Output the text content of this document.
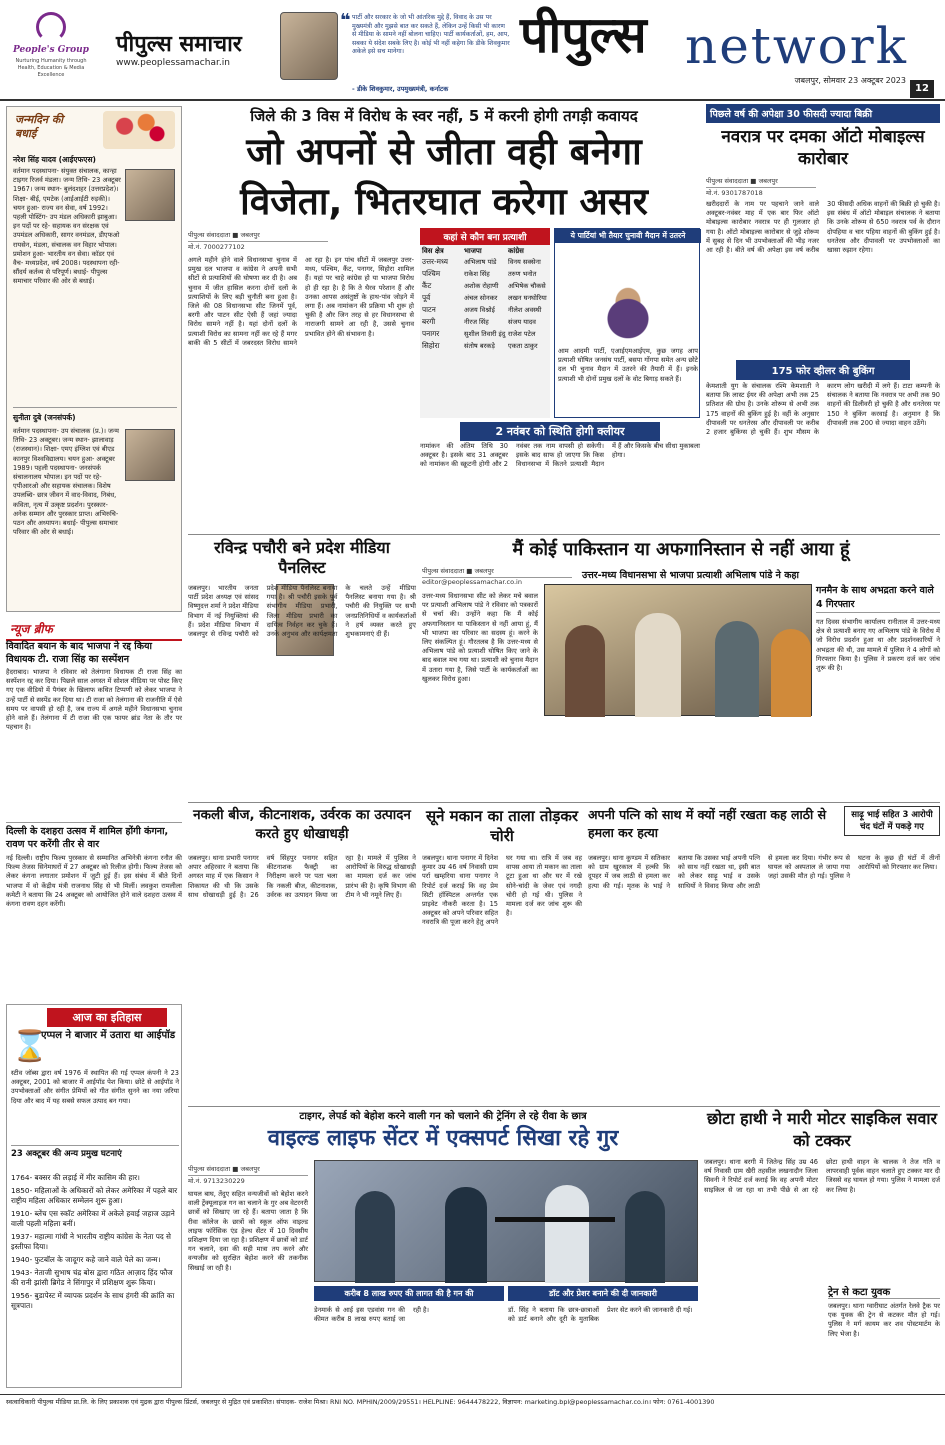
People's Group
Nurturing Humanity through Health, Education & Media Excellence
पीपुल्स समाचार
www.peoplessamachar.in
❝ पार्टी और सरकार के जो भी आंतरिक मुद्दे हैं, विवाद के उस पर मुख्यमंत्री और मुझसे बात कर सकते हैं, लेकिन उन्हें किसी भी कारण से मीडिया के सामने नहीं बोलना चाहिए। पार्टी कार्यकर्ताओं, हम, आप, सबका ये संदेश सबके लिए है। कोई भी नहीं कहेगा कि डीके शिवकुमार अकेले इसे सच मानेगा।
- डीके शिवकुमार, उपमुख्यमंत्री, कर्नाटक
पीपुल्स network
जबलपुर, सोमवार 23 अक्टूबर 2023
12
जन्मदिन की बधाई
नरेश सिंह यादव (आईएफएस)
वर्तमान पदस्थापना- संयुक्त संचालक, कान्हा टाइगर रिजर्व मंडला। जन्म तिथि- 23 अक्टूबर 1967। जन्म स्थान- बुलंदशहर (उत्तरप्रदेश)। शिक्षा- बीई, एमटेक (आईआईटी रुड़की)। चयन हुआ- राज्य वन सेवा, वर्ष 1992। पहली पोस्टिंग- उप मंडल अधिकारी झाबुआ। इन पदों पर रहे- सहायक वन संरक्षक एवं उपमंडल अधिकारी, सागर वनमंडल, डीएफओ रायसेन, मंडला, संचालक वन विहार भोपाल। प्रमोशन हुआ- भारतीय वन सेवा। कॉडर एवं वैच- मध्यप्रदेश, वर्ष 2008। पदस्थापना रही- सौंदर्य कर्तव्य से परिपूर्ण। बधाई- पीपुल्स समाचार परिवार की ओर से बधाई।
सुनीता दुबे (जनसंपर्क)
वर्तमान पदस्थापना- उप संचालक (प्र.)। जन्म तिथि- 23 अक्टूबर। जन्म स्थान- झालावाड़ (राजस्थान)। शिक्षा- एमए इंग्लिश एवं बीएड कानपुर विश्वविद्यालय। चयन हुआ- अक्टूबर 1989। पहली पदस्थापना- जनसंपर्क संचालनालय भोपाल। इन पदों पर रहे- एपीआरओ और सहायक संचालक। विशेष उपलब्धि- छात्र जीवन में वाद-विवाद, निबंध, कविता, नृत्य में उत्कृष्ट प्रदर्शन। पुरस्कार- अनेक सम्मान और पुरस्कार प्राप्त। अभिरुचि- पठन और अध्यापन। बधाई- पीपुल्स समाचार परिवार की ओर से बधाई।
न्यूज ब्रीफ
विवादित बयान के बाद भाजपा ने रद्द किया विधायक टी. राजा सिंह का सस्पेंशन
हैदराबाद। भाजपा ने रविवार को तेलंगाना विधायक टी राजा सिंह का सस्पेंशन रद्द कर दिया। पिछले साल अगस्त में सोशल मीडिया पर पोस्ट किए गए एक वीडियो में पैगंबर के खिलाफ कथित टिप्पणी को लेकर भाजपा ने उन्हें पार्टी से सस्पेंड कर दिया था। टी राजा को तेलंगाना की राजनीति में ऐसे समय पर वापसी हो रही है, जब राज्य में अगले महीने विधानसभा चुनाव होने वाले हैं। तेलंगाना में टी राजा की एक फायर ब्रांड नेता के तौर पर पहचान है।
दिल्ली के दशहरा उत्सव में शामिल होंगी कंगना, रावण पर करेंगी तीर से वार
नई दिल्ली। राष्ट्रीय फिल्म पुरस्कार से सम्मानित अभिनेत्री कंगना रनौत की फिल्म तेजस सिनेमाघरों में 27 अक्टूबर को रिलीज होगी। फिल्म तेजस को लेकर कंगना लगातार प्रमोशन में जुटी हुई हैं। इस संबंध में बीते दिनों भाजपा में वो केंद्रीय मंत्री राजनाथ सिंह से भी मिलीं। लवकुश रामलीला कमेटी ने बताया कि 24 अक्टूबर को आयोजित होने वाले दशहरा उत्सव में कंगना रावण दहन करेंगी।
आज का इतिहास
⌛
एप्पल ने बाजार में उतारा था आईपॉड
स्टीव जॉब्स द्वारा वर्ष 1976 में स्थापित की गई एप्पल कंपनी ने 23 अक्टूबर, 2001 को बाजार में आईपॉड पेश किया। छोटे से आईपॉड ने उपभोक्ताओं और संगीत प्रेमियों को गीत संगीत सुनने का नया जरिया दिया और बाद में यह सबसे सफल उत्पाद बन गया।
23 अक्टूबर की अन्य प्रमुख घटनाएं
1764- बक्सर की लड़ाई में मीर कासिम की हार।
1850- महिलाओं के अधिकारों को लेकर अमेरिका में पहले बार राष्ट्रीय महिला अधिकार सम्मेलन शुरू हुआ।
1910- ब्लेंच एस स्कॉट अमेरिका में अकेले हवाई जहाज उड़ाने वाली पहली महिला बनीं।
1937- महात्मा गांधी ने भारतीय राष्ट्रीय कांग्रेस के नेता पद से इस्तीफा दिया।
1940- फुटबॉल के जादूगर कहे जाने वाले पेले का जन्म।
1943- नेताजी सुभाष चंद्र बोस द्वारा गठित आज़ाद हिंद फौज की रानी झांसी ब्रिगेड ने सिंगापुर में प्रशिक्षण शुरू किया।
1956- बुडापेस्ट में व्यापक प्रदर्शन के साथ हंगरी की क्रांति का सूत्रपात।
जिले की 3 विस में विरोध के स्वर नहीं, 5 में करनी होगी तगड़ी कवायद
जो अपनों से जीता वही बनेगा
विजेता, भितरघात करेगा असर
पीपुल्स संवाददाता ■ जबलपुर
मो.नं. 7000277102
अगले महीने होने वाले विधानसभा चुनाव में प्रमुख दल भाजपा व कांग्रेस ने अपनी सभी सीटों से प्रत्याशियों की घोषणा कर दी है। अब चुनाव में जीत हासिल करना दोनों दलों के प्रत्याशियों के लिए बड़ी चुनौती बना हुआ है। जिले की 08 विधानसभा सीट जिनमें पूर्व, बरगी और पाटन सीट ऐसी हैं जहां ज्यादा विरोध सामने नहीं है। यहां दोनों दलों के प्रत्याशी विरोध का सामना नहीं कर रहे हैं मगर बाकी की 5 सीटों में जबरदस्त विरोध सामने आ रहा है। इन पांच सीटों में जबलपुर उत्तर-मध्य, पश्चिम, कैंट, पनागर, सिहोरा शामिल हैं। यहां पर चाहे कांग्रेस हो या भाजपा विरोध हो ही रहा है। है कि ते थैरव परेशान हैं और उनका आपस असंतुष्टों के हाथ-पांव जोड़ने में लगा हैं। अब नामांकन की प्रक्रिया भी शुरू हो चुकी है और जिन तरह से हर विधानसभा से नाराजगी सामने आ रही है, उससे चुनाव प्रभावित होने की संभावना है।
कहां से कौन बना प्रत्याशी
विस क्षेत्र
उत्तर-मध्य
पश्चिम
कैंट
पूर्व
पाटन
बरगी
पनागर
सिहोरा
भाजपा
अभिलाष पांडे
राकेश सिंह
अशोक रोहाणी
अंचल सोनकर
अजय विश्नोई
नीरज सिंह
सुशील तिवारी इंदु
संतोष बरकड़े
कांग्रेस
विनय सक्सेना
तरुण भनोत
अभिषेक चौकसे
लखन घनघोरिया
नीलेश अवस्थी
संजय यादव
राजेश पटेल
एकता ठाकुर
ये पार्टियां भी तैयार चुनावी मैदान में उतरने
आम आदमी पार्टी, एआईएमआईएम, कुछ जगह आप प्रत्याशी घोषित जनसंघ पार्टी, बसपा गोंगपा समेत अन्य छोटे दल भी चुनाव मैदान में उतरने की तैयारी में हैं। इनके प्रत्याशी भी दोनों प्रमुख दलों के वोट बिगाड़ सकते हैं।
2 नवंबर को स्थिति होगी क्लीयर
नामांकन की अंतिम तिथि 30 अक्टूबर है। इसके बाद 31 अक्टूबर को नामांकन की स्क्रूटनी होगी और 2 नवंबर तक नाम वापसी हो सकेगी। इसके बाद साफ हो जाएगा कि किस विधानसभा में कितने प्रत्याशी मैदान में हैं और किसके बीच सीधा मुकाबला होगा।
पिछले वर्ष की अपेक्षा 30 फीसदी ज्यादा बिक्री
नवरात्र पर दमका ऑटो मोबाइल्स कारोबार
पीपुल्स संवाददाता ■ जबलपुर
मो.नं. 9301787018
खरीददारों के नाम पर पहचाने जाने वाले अक्टूबर-नवंबर माह में एक बार फिर ऑटो मोबाइल्स कारोबार नवरात्र पर ही गुलजार हो गया है। ऑटो मोबाइल्स कारोबार से जुड़े शोरूम में सुबह से दिन भी उपभोक्ताओं की भीड़ नजर आ रही है। बीते वर्ष की अपेक्षा इस वर्ष करीब 30 फीसदी अधिक वाहनों की बिक्री हो चुकी है। इस संबंध में ऑटो मोबाइल संचालक ने बताया कि उनके शोरूम से 650 नवरात्र पर्व के दौरान दोपहिया व चार पहिया वाहनों की बुकिंग हुई है। धनतेरस और दीपावली पर उपभोक्ताओं का खासा रुझान रहेगा।
175 फोर व्हीलर की बुकिंग
केमशाती युग के संचालक रश्मि केमशाती ने बताया कि लास्ट ईयर की अपेक्षा अभी तक 25 प्रतिशत की ग्रोथ है। उनके शोरूम से अभी तक 175 वाहनों की बुकिंग हुई है। वहीं के अनुसार दीपावली पर धनतेरस और दीपावली पर करीब 2 हजार बुकिंग्स हो चुकी हैं। शुभ मौसम के कारण लोग खरीदी में लगे हैं। टाटा कम्पनी के संचालक ने बताया कि नवरात्र पर अभी तक 90 वाहनों की डिलीवरी हो चुकी है और धनतेरस पर 150 ने बुकिंग करवाई है। अनुमान है कि दीपावली तक 200 से ज्यादा वाहन उठेंगे।
रविन्द्र पचौरी बने प्रदेश मीडिया पैनलिस्ट
जबलपुर। भारतीय जनता पार्टी प्रदेश अध्यक्ष एवं सांसद विष्णुदत्त शर्मा ने प्रदेश मीडिया विभाग में नई नियुक्तियां की हैं। प्रदेश मीडिया विभाग में जबलपुर से रविन्द्र पचौरी को प्रदेश मीडिया पैनलिस्ट बनाया गया है। श्री पचौरी इसके पूर्व संभागीय मीडिया प्रभारी, जिला मीडिया प्रभारी का दायित्व निर्वहन कर चुके हैं। उनके अनुभव और कार्यक्षमता के चलते उन्हें मीडिया पैनलिस्ट बनाया गया है। श्री पचौरी की नियुक्ति पर सभी जनप्रतिनिधियों व कार्यकर्ताओं ने हर्ष व्यक्त करते हुए शुभकामनाएं दी हैं।
मैं कोई पाकिस्तान या अफगानिस्तान से नहीं आया हूं
पीपुल्स संवाददाता ■ जबलपुर
editor@peoplessamachar.co.in
उत्तर-मध्य विधानसभा से भाजपा प्रत्याशी अभिलाष पांडे ने कहा
उत्तर-मध्य विधानसभा सीट को लेकर मचे बवाल पर प्रत्याशी अभिलाष पांडे ने रविवार को पत्रकारों से चर्चा की। उन्होंने कहा कि मैं कोई अफगानिस्तान या पाकिस्तान से नहीं आया हूं, मैं भी भाजपा का परिवार का सदस्य हूं। करने के लिए संकल्पित हूं। गौरतलब है कि उत्तर-मध्य से अभिलाष पांडे को प्रत्याशी घोषित किए जाने के बाद बवाल मच गया था। प्रत्याशी को चुनाव मैदान में उतारा गया है, जिसे पार्टी के कार्यकर्ताओं का खुलकर विरोध हुआ।
गनमैन के साथ अभद्रता करने वाले 4 गिरफ्तार
गत दिवस संभागीय कार्यालय रानीताल में उत्तर-मध्य क्षेत्र से प्रत्याशी बनाए गए अभिलाष पांडे के विरोध में जो विरोध प्रदर्शन हुआ था और प्रदर्शनकारियों ने अभद्रता की थी, उस मामले में पुलिस ने 4 लोगों को गिरफ्तार किया है। पुलिस ने प्रकरण दर्ज कर जांच शुरू की है।
नकली बीज, कीटनाशक, उर्वरक का उत्पादन करते हुए धोखाधड़ी
जबलपुर। थाना प्रभारी पनागर अपार अहिरवार ने बताया कि अगस्त माह में एक किसान ने शिकायत की थी कि उसके साथ धोखाधड़ी हुई है। 26 वर्ष सिंहपुर पनागर सहित कीटनाशक फैक्ट्री का निरीक्षण करने पर पता चला कि नकली बीज, कीटनाशक, उर्वरक का उत्पादन किया जा रहा है। मामले में पुलिस ने आरोपियों के विरुद्ध धोखाधड़ी का मामला दर्ज कर जांच प्रारंभ की है। कृषि विभाग की टीम ने भी नमूने लिए हैं।
सूने मकान का ताला तोड़कर चोरी
जबलपुर। थाना पनागर में दिनेश कुमार उम्र 46 वर्ष निवासी ग्राम पर्रा खम्हरिया थाना पनागर ने रिपोर्ट दर्ज कराई कि वह प्रेम सिटी हॉस्पिटल अन्तर्गत एक प्राइवेट नौकरी करता है। 15 अक्टूबर को अपने परिवार सहित नवरात्रि की पूजा करने हेतु अपने घर गया था। रात्रि में जब वह वापस आया तो मकान का ताला टूटा हुआ था और घर में रखे सोने-चांदी के जेवर एवं नगदी चोरी हो गई थी। पुलिस ने मामला दर्ज कर जांच शुरू की है।
अपनी पत्नि को साथ में क्यों नहीं रखता कह लाठी से हमला कर हत्या
साढ़ू भाई सहित 3 आरोपी चंद घंटों में पकड़े गए
जबलपुर। थाना कुण्डम में सतिकार को ग्राम खुरकाल में हल्की कि दूपहर में जब लाठी से हमला कर हत्या की गई। मृतक के भाई ने बताया कि उसका भाई अपनी पत्नि को साथ नहीं रखता था, इसी बात को लेकर साढ़ू भाई व उसके साथियों ने विवाद किया और लाठी से हमला कर दिया। गंभीर रूप से घायल को अस्पताल ले जाया गया जहां उसकी मौत हो गई। पुलिस ने घटना के कुछ ही घंटों में तीनों आरोपियों को गिरफ्तार कर लिया।
टाइगर, लेपर्ड को बेहोश करने वाली गन को चलाने की ट्रेनिंग ले रहे रीवा के छात्र
वाइल्ड लाइफ सेंटर में एक्सपर्ट सिखा रहे गुर
पीपुल्स संवाददाता ■ जबलपुर
मो.नं. 9713230229
घायल बाघ, तेंदुए सहित वन्यजीवों को बेहोश करने वाली ट्रेंक्यूलाइज गन का चलाने के गुर अब वेटरनरी छात्रों को सिखाए जा रहे हैं। बताया जाता है कि रीवा कॉलेज के छात्रों को स्कूल ऑफ वाइल्ड लाइफ फॉरेंसिक एंड हेल्थ सेंटर में 10 दिवसीय प्रशिक्षण दिया जा रहा है। प्रशिक्षण में छात्रों को डार्ट गन चलाने, दवा की सही मात्रा तय करने और वन्यजीव को सुरक्षित बेहोश करने की तकनीक सिखाई जा रही है।
करीब 8 लाख रुपए की लागत की है गन की	डॉट और प्रेशर बनाने की दी जानकारी
डेनमार्क से आई इस एडवांस गन की कीमत करीब 8 लाख रुपए बताई जा रही है।	डॉ. सिंह ने बताया कि छात्र-छात्राओं को डार्ट बनाने और दूरी के मुताबिक प्रेशर सेट करने की जानकारी दी गई।
छोटा हाथी ने मारी मोटर साइकिल सवार को टक्कर
जबलपुर। थाना बरगी में जितेन्द्र सिंह उम्र 46 वर्ष निवासी ग्राम खैरी तहसील लखनादौन जिला सिवनी ने रिपोर्ट दर्ज कराई कि वह अपनी मोटर साइकिल से जा रहा था तभी पीछे से आ रहे छोटा हाथी वाहन के चालक ने तेज गति व लापरवाही पूर्वक वाहन चलाते हुए टक्कर मार दी जिससे वह घायल हो गया। पुलिस ने मामला दर्ज कर लिया है।
ट्रेन से कटा युवक
जबलपुर। थाना ग्वारीघाट अंतर्गत रेलवे ट्रैक पर एक युवक की ट्रेन से कटकर मौत हो गई। पुलिस ने मर्ग कायम कर शव पोस्टमार्टम के लिए भेजा है।
स्वत्वाधिकारी पीपुल्स मीडिया प्रा.लि. के लिए प्रकाशक एवं मुद्रक द्वारा पीपुल्स प्रिंटर्स, जबलपुर से मुद्रित एवं प्रकाशित। संपादक- राजेश मिश्रा। RNI NO. MPHIN/2009/29551। HELPLINE: 9644478222, विज्ञापन: marketing.bpl@peoplessamachar.co.in। फोन: 0761-4001390
